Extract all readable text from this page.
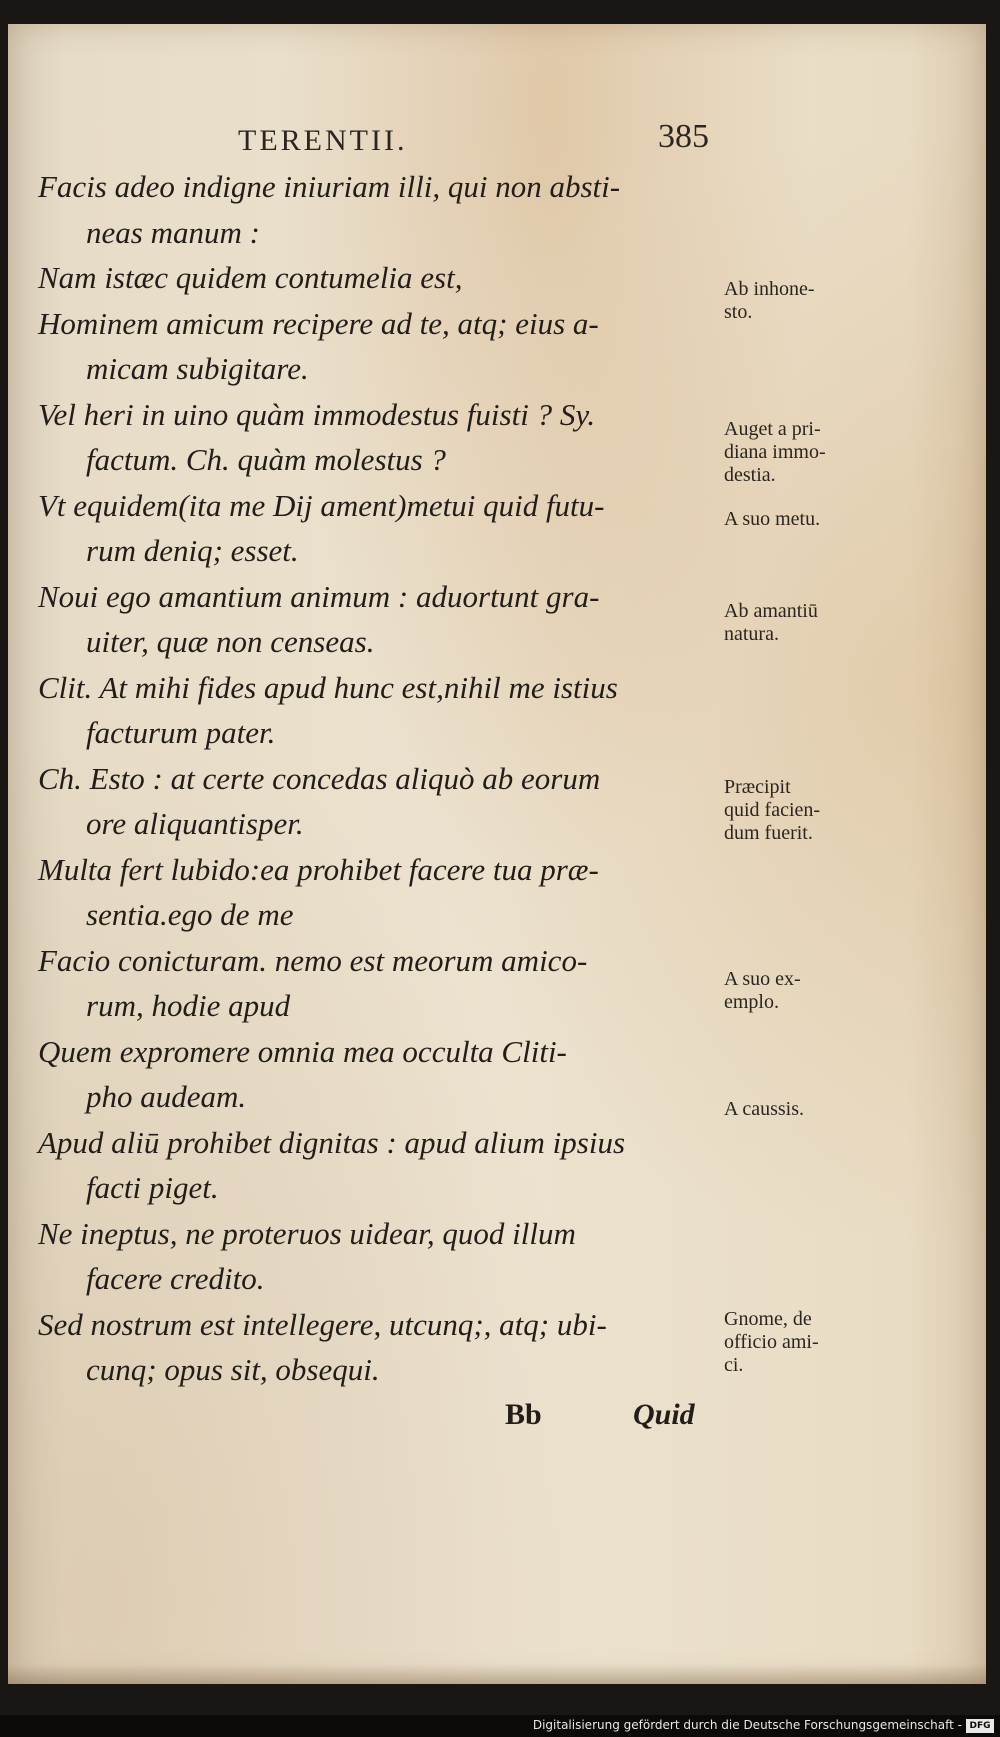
TERENTII.	385
Facis adeo indigne iniuriam illi, qui non absti-
neas manum :
Nam istæc quidem contumelia est,
Hominem amicum recipere ad te, atq; eius a-
micam subigitare.
Vel heri in uino quàm immodestus fuisti ? Sy.
factum. Ch. quàm molestus ?
Vt equidem(ita me Dij ament)metui quid futu-
rum deniq; esset.
Noui ego amantium animum : aduortunt gra-
uiter, quæ non censeas.
Clit. At mihi fides apud hunc est,nihil me istius
facturum pater.
Ch. Esto : at certe concedas aliquò ab eorum
ore aliquantisper.
Multa fert lubido:ea prohibet facere tua præ-
sentia.ego de me
Facio conicturam. nemo est meorum amico-
rum, hodie apud
Quem expromere omnia mea occulta Cliti-
pho audeam.
Apud aliū prohibet dignitas : apud alium ipsius
facti piget.
Ne ineptus, ne proteruos uidear, quod illum
facere credito.
Sed nostrum est intellegere, utcunq;, atq; ubi-
cunq; opus sit, obsequi.
Ab inhone-
sto.
Auget a pri-
diana immo-
destia.
A suo metu.
Ab amantiū
natura.
Præcipit
quid facien-
dum fuerit.
A suo ex-
emplo.
A caussis.
Gnome, de
officio ami-
ci.
Bb	Quid
Digitalisierung gefördert durch die Deutsche Forschungsgemeinschaft - DFG
